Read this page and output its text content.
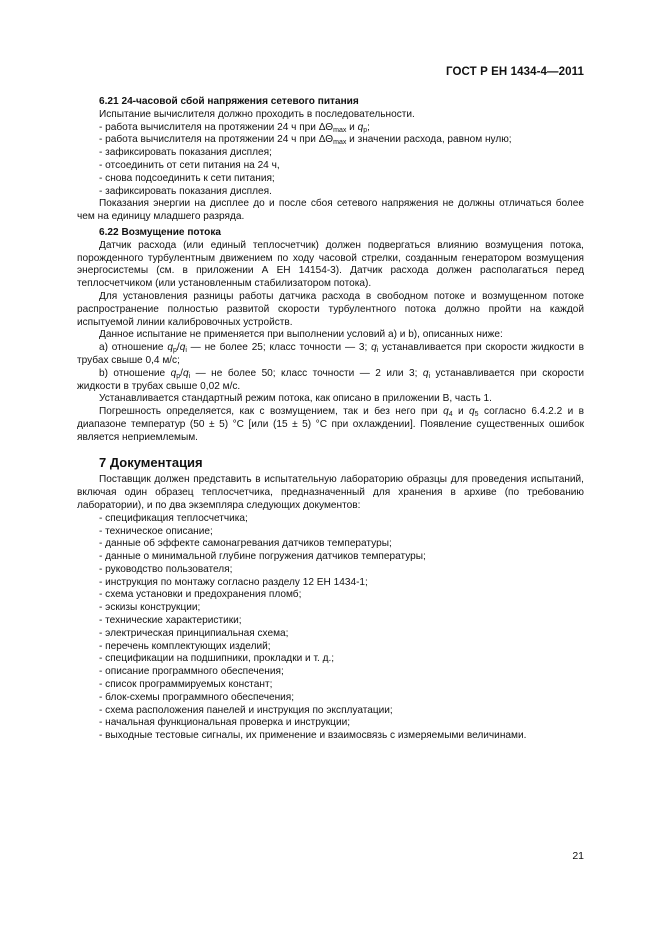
ГОСТ Р ЕН 1434-4—2011

6.21 24-часовой сбой напряжения сетевого питания

Испытание вычислителя должно проходить в последовательности.

- работа вычислителя на протяжении 24 ч при $\Delta\Theta_{max}$ и $q_p$;

- работа вычислителя на протяжении 24 ч при $\Delta\Theta_{max}$ и значении расхода, равном нулю;

- зафиксировать показания дисплея;

- отсоединить от сети питания на 24 ч,

- снова подсоединить к сети питания;

- зафиксировать показания дисплея.

Показания энергии на дисплее до и после сбоя сетевого напряжения не должны отличаться более чем на единицу младшего разряда.

6.22 Возмущение потока

Датчик расхода (или единый теплосчетчик) должен подвергаться влиянию возмущения потока, порожденного турбулентным движением по ходу часовой стрелки, созданным генератором возмущения энергосистемы (см. в приложении А ЕН 14154-3). Датчик расхода должен располагаться перед теплосчетчиком (или установленным стабилизатором потока).

Для установления разницы работы датчика расхода в свободном потоке и возмущенном потоке распространение полностью развитой скорости турбулентного потока должно пройти на каждой испытуемой линии калибровочных устройств.

Данное испытание не применяется при выполнении условий а) и b), описанных ниже:

а) отношение $q_p/q_i$ — не более 25; класс точности — 3; $q_i$ устанавливается при скорости жидкости в трубах свыше 0,4 м/с;

b) отношение $q_p/q_i$ — не более 50; класс точности — 2 или 3; $q_i$ устанавливается при скорости жидкости в трубах свыше 0,02 м/с.

Устанавливается стандартный режим потока, как описано в приложении В, часть 1.

Погрешность определяется, как с возмущением, так и без него при $q_4$ и $q_5$ согласно 6.4.2.2 и в диапазоне температур (50 ± 5) °С [или (15 ± 5) °С при охлаждении]. Появление существенных ошибок является неприемлемым.

7 Документация

Поставщик должен представить в испытательную лабораторию образцы для проведения испытаний, включая один образец теплосчетчика, предназначенный для хранения в архиве (по требованию лаборатории), и по два экземпляра следующих документов:

- спецификация теплосчетчика;

- техническое описание;

- данные об эффекте самонагревания датчиков температуры;

- данные о минимальной глубине погружения датчиков температуры;

- руководство пользователя;

- инструкция по монтажу согласно разделу 12 ЕН 1434-1;

- схема установки и предохранения пломб;

- эскизы конструкции;

- технические характеристики;

- электрическая принципиальная схема;

- перечень комплектующих изделий;

- спецификации на подшипники, прокладки и т. д.;

- описание программного обеспечения;

- список программируемых констант;

- блок-схемы программного обеспечения;

- схема расположения панелей и инструкция по эксплуатации;

- начальная функциональная проверка и инструкции;

- выходные тестовые сигналы, их применение и взаимосвязь с измеряемыми величинами.

21
